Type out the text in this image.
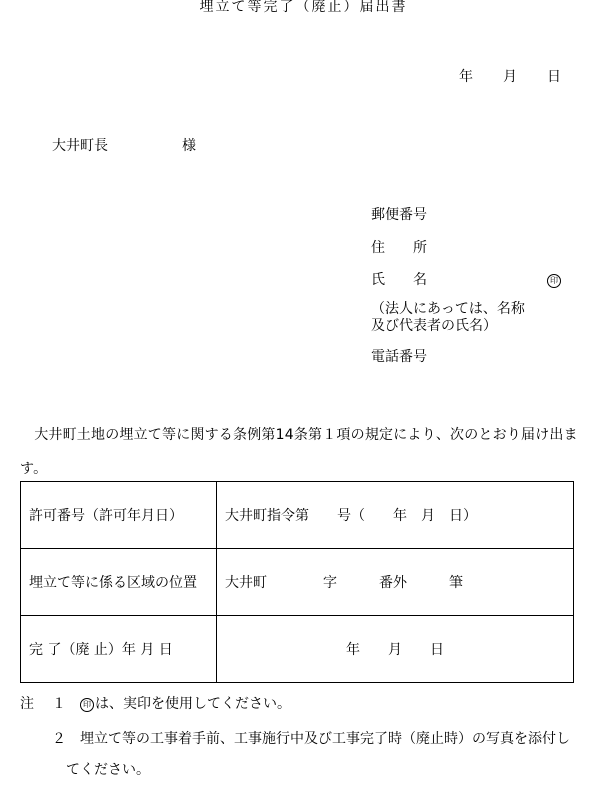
埋立て等完了（廃止）届出書
年 月 日
大井町長	様
郵便番号
住　　所
氏　　名	印
（法人にあっては、名称
及び代表者の氏名）
電話番号
　大井町土地の埋立て等に関する条例第14条第１項の規定により、次のとおり届け出ます。
許可番号（許可年月日）	大井町指令第　　号（　　年　月　日）
埋立て等に係る区域の位置	大井町　　　　字　　　番外　　　筆
完 了（廃 止）年 月 日	年　　月　　日
注 １	印 は、実印を使用してください。
２ 埋立て等の工事着手前、工事施行中及び工事完了時（廃止時）の写真を添付し
てください。
